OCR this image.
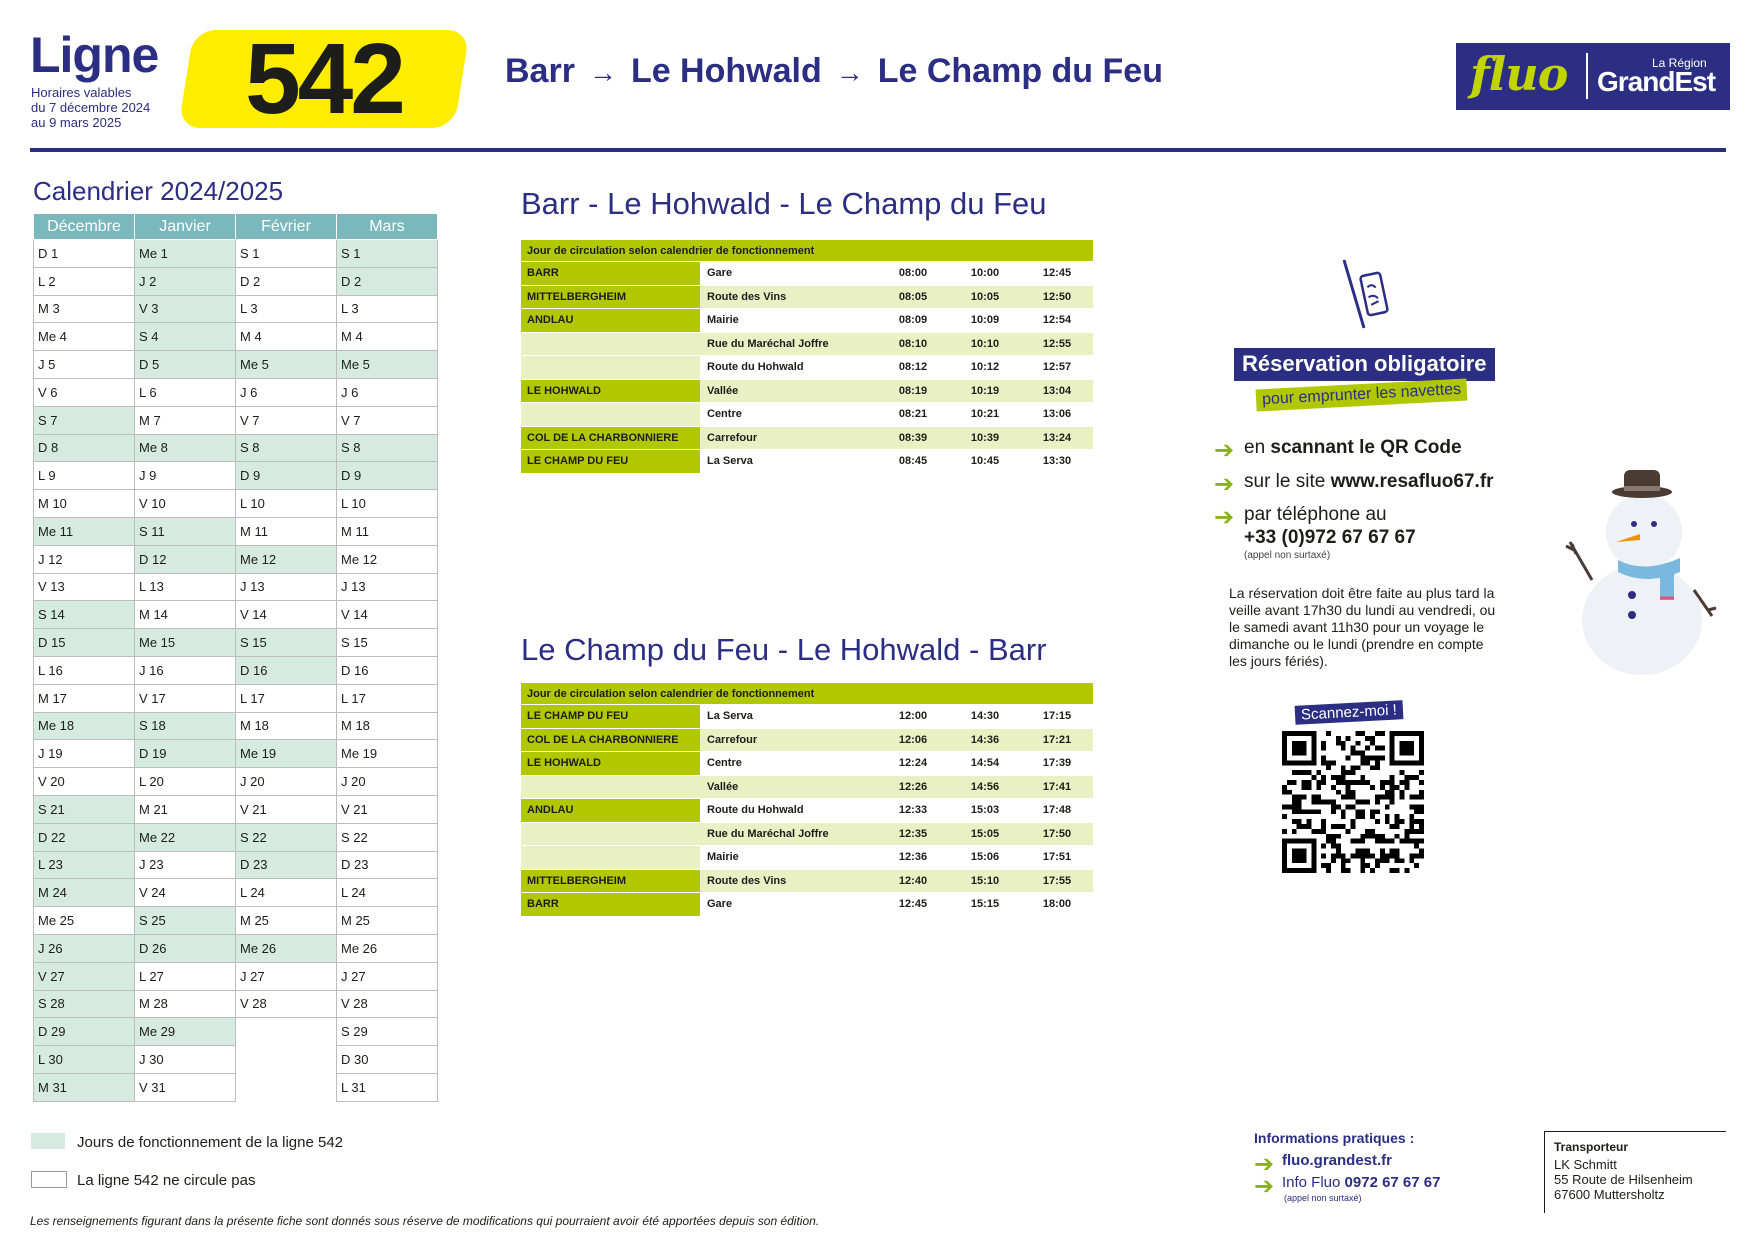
Ligne
Horaires valables
du 7 décembre 2024
au 9 mars 2025	542	Barr → Le Hohwald → Le Champ du Feu	fluo	La Région
GrandEst
Calendrier 2024/2025
Décembre	Janvier	Février	Mars
D 1	Me 1	S 1	S 1
L 2	J 2	D 2	D 2
M 3	V 3	L 3	L 3
Me 4	S 4	M 4	M 4
J 5	D 5	Me 5	Me 5
V 6	L 6	J 6	J 6
S 7	M 7	V 7	V 7
D 8	Me 8	S 8	S 8
L 9	J 9	D 9	D 9
M 10	V 10	L 10	L 10
Me 11	S 11	M 11	M 11
J 12	D 12	Me 12	Me 12
V 13	L 13	J 13	J 13
S 14	M 14	V 14	V 14
D 15	Me 15	S 15	S 15
L 16	J 16	D 16	D 16
M 17	V 17	L 17	L 17
Me 18	S 18	M 18	M 18
J 19	D 19	Me 19	Me 19
V 20	L 20	J 20	J 20
S 21	M 21	V 21	V 21
D 22	Me 22	S 22	S 22
L 23	J 23	D 23	D 23
M 24	V 24	L 24	L 24
Me 25	S 25	M 25	M 25
J 26	D 26	Me 26	Me 26
V 27	L 27	J 27	J 27
S 28	M 28	V 28	V 28
D 29	Me 29		S 29
L 30	J 30		D 30
M 31	V 31		L 31
Jours de fonctionnement de la ligne 542
La ligne 542 ne circule pas
Les renseignements figurant dans la présente fiche sont donnés sous réserve de modifications qui pourraient avoir été apportées depuis son édition.
Barr - Le Hohwald - Le Champ du Feu
Jour de circulation selon calendrier de fonctionnement				
BARR	Gare	08:00	10:00	12:45
MITTELBERGHEIM	Route des Vins	08:05	10:05	12:50
ANDLAU	Mairie	08:09	10:09	12:54
	Rue du Maréchal Joffre	08:10	10:10	12:55
	Route du Hohwald	08:12	10:12	12:57
LE HOHWALD	Vallée	08:19	10:19	13:04
	Centre	08:21	10:21	13:06
COL DE LA CHARBONNIERE	Carrefour	08:39	10:39	13:24
LE CHAMP DU FEU	La Serva	08:45	10:45	13:30
Le Champ du Feu - Le Hohwald - Barr
Jour de circulation selon calendrier de fonctionnement				
LE CHAMP DU FEU	La Serva	12:00	14:30	17:15
COL DE LA CHARBONNIERE	Carrefour	12:06	14:36	17:21
LE HOHWALD	Centre	12:24	14:54	17:39
	Vallée	12:26	14:56	17:41
ANDLAU	Route du Hohwald	12:33	15:03	17:48
	Rue du Maréchal Joffre	12:35	15:05	17:50
	Mairie	12:36	15:06	17:51
MITTELBERGHEIM	Route des Vins	12:40	15:10	17:55
BARR	Gare	12:45	15:15	18:00
Réservation obligatoire
pour emprunter les navettes
➔ en scannant le QR Code
➔ sur le site www.resafluo67.fr
➔ par téléphone au
+33 (0)972 67 67 67
(appel non surtaxé)
La réservation doit être faite au plus tard la veille avant 17h30 du lundi au vendredi, ou le samedi avant 11h30 pour un voyage le dimanche ou le lundi (prendre en compte les jours fériés).
Scannez-moi !
Informations pratiques :
➔ fluo.grandest.fr
➔ Info Fluo 0972 67 67 67
(appel non surtaxé)
Transporteur
LK Schmitt
55 Route de Hilsenheim
67600 Muttersholtz
